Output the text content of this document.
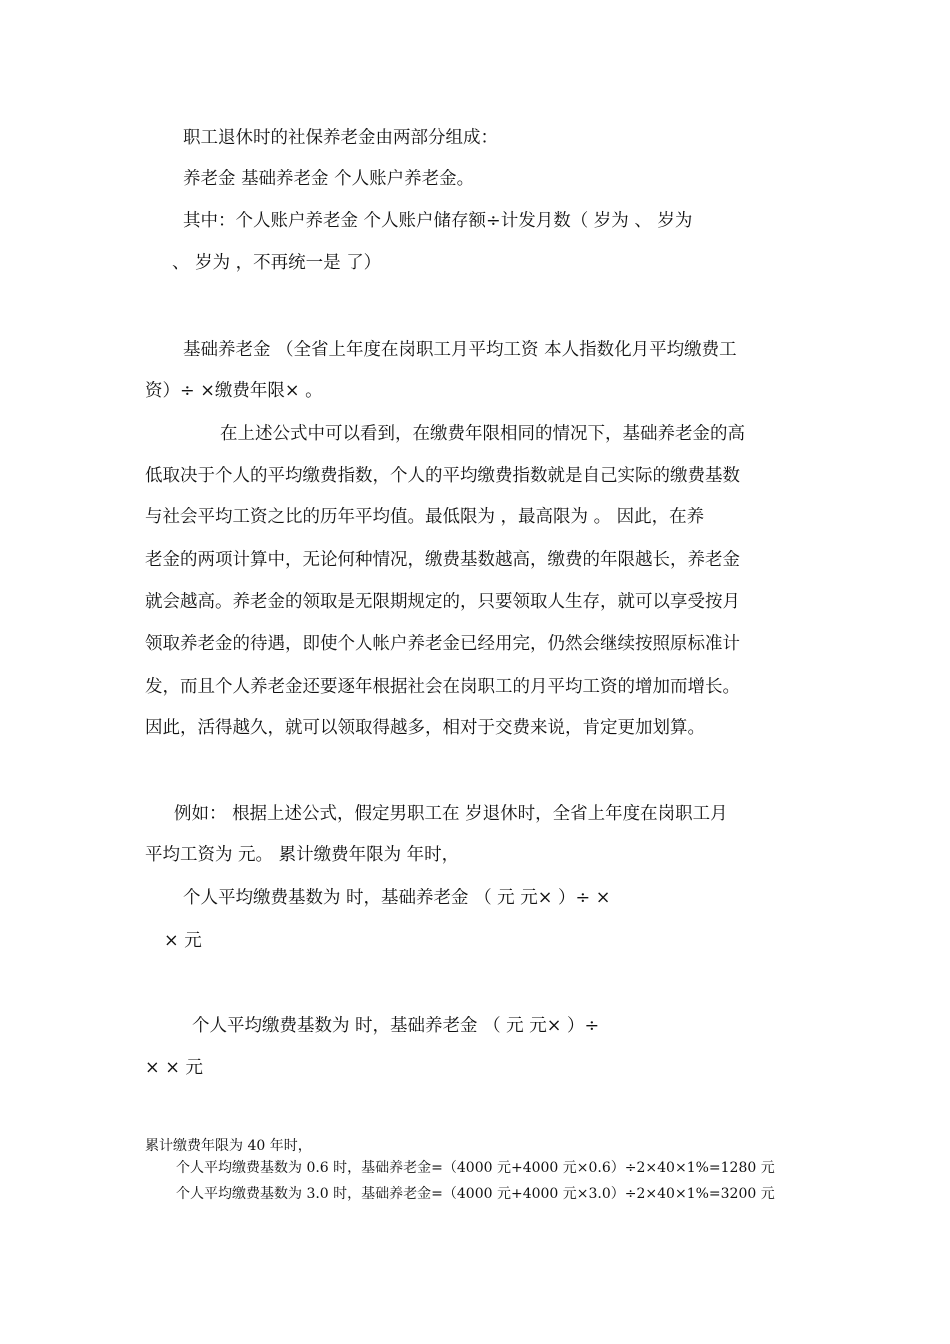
职工退休时的社保养老金由两部分组成：

养老金 基础养老金 个人账户养老金。

其中：个人账户养老金 个人账户储存额÷计发月数（ 岁为 、 岁为

、 岁为 ，不再统一是 了）

基础养老金 （全省上年度在岗职工月平均工资 本人指数化月平均缴费工

资）÷ ×缴费年限× 。

在上述公式中可以看到，在缴费年限相同的情况下，基础养老金的高

低取决于个人的平均缴费指数，个人的平均缴费指数就是自己实际的缴费基数

与社会平均工资之比的历年平均值。最低限为 ，最高限为 。 因此，在养

老金的两项计算中，无论何种情况，缴费基数越高，缴费的年限越长，养老金

就会越高。养老金的领取是无限期规定的，只要领取人生存，就可以享受按月

领取养老金的待遇，即使个人帐户养老金已经用完，仍然会继续按照原标准计

发，而且个人养老金还要逐年根据社会在岗职工的月平均工资的增加而增长。

因此，活得越久，就可以领取得越多，相对于交费来说，肯定更加划算。

例如： 根据上述公式，假定男职工在 岁退休时，全省上年度在岗职工月

平均工资为 元。 累计缴费年限为 年时，

个人平均缴费基数为 时，基础养老金 （ 元 元× ）÷ ×

× 元

个人平均缴费基数为 时，基础养老金 （ 元 元× ）÷

× × 元

累计缴费年限为 40 年时，

个人平均缴费基数为 0.6 时，基础养老金=（4000 元+4000 元×0.6）÷2×40×1%=1280 元

个人平均缴费基数为 3.0 时，基础养老金=（4000 元+4000 元×3.0）÷2×40×1%=3200 元
